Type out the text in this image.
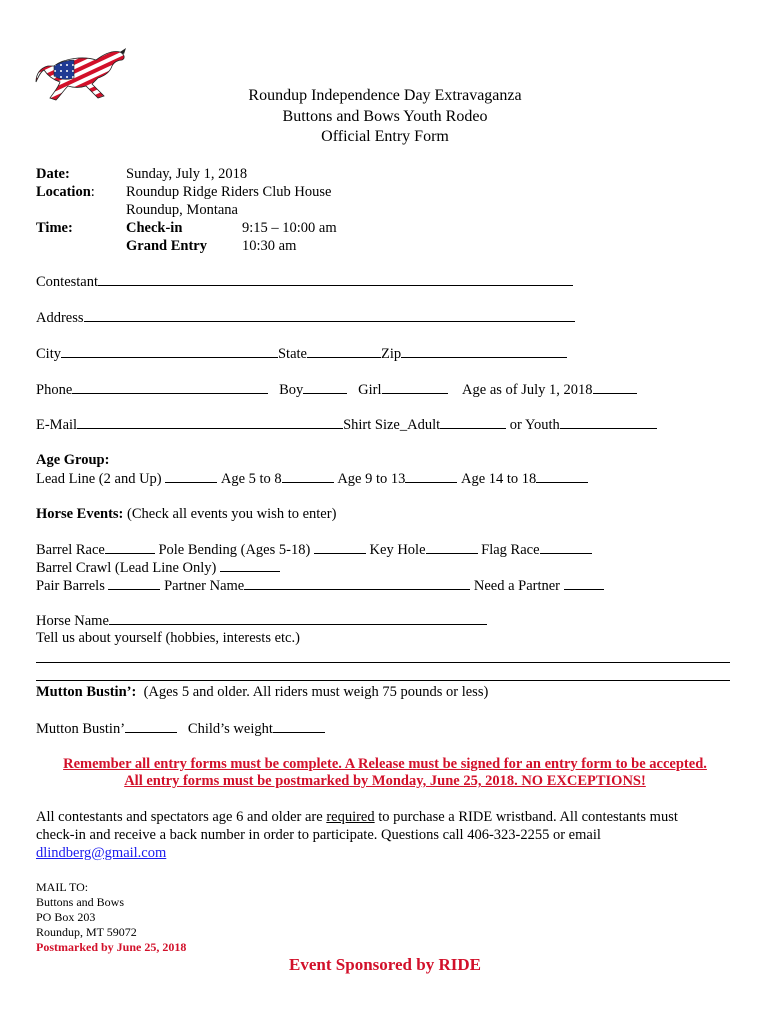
Roundup Independence Day Extravaganza
Buttons and Bows Youth Rodeo
Official Entry Form
Date:	Sunday, July 1, 2018
Location: Roundup Ridge Riders Club House
Roundup, Montana
Time:	Check-in	9:15 – 10:00 am
Grand Entry 10:30 am
Contestant
Address
City	State	Zip
Phone	Boy	Girl	Age as of July 1, 2018
E-Mail	Shirt Size_Adult	or Youth
Age Group:
Lead Line (2 and Up)	Age 5 to 8	Age 9 to 13	Age 14 to 18
Horse Events: (Check all events you wish to enter)
Barrel Race	Pole Bending (Ages 5-18)	Key Hole	Flag Race
Barrel Crawl (Lead Line Only)
Pair Barrels	Partner Name	Need a Partner
Horse Name
Tell us about yourself (hobbies, interests etc.)
Mutton Bustin’: (Ages 5 and older. All riders must weigh 75 pounds or less)
Mutton Bustin’	Child’s weight
Remember all entry forms must be complete. A Release must be signed for an entry form to be accepted.
All entry forms must be postmarked by Monday, June 25, 2018. NO EXCEPTIONS!
All contestants and spectators age 6 and older are required to purchase a RIDE wristband. All contestants must
check-in and receive a back number in order to participate. Questions call 406-323-2255 or email
dlindberg@gmail.com
MAIL TO:
Buttons and Bows
PO Box 203
Roundup, MT 59072
Postmarked by June 25, 2018
Event Sponsored by RIDE
